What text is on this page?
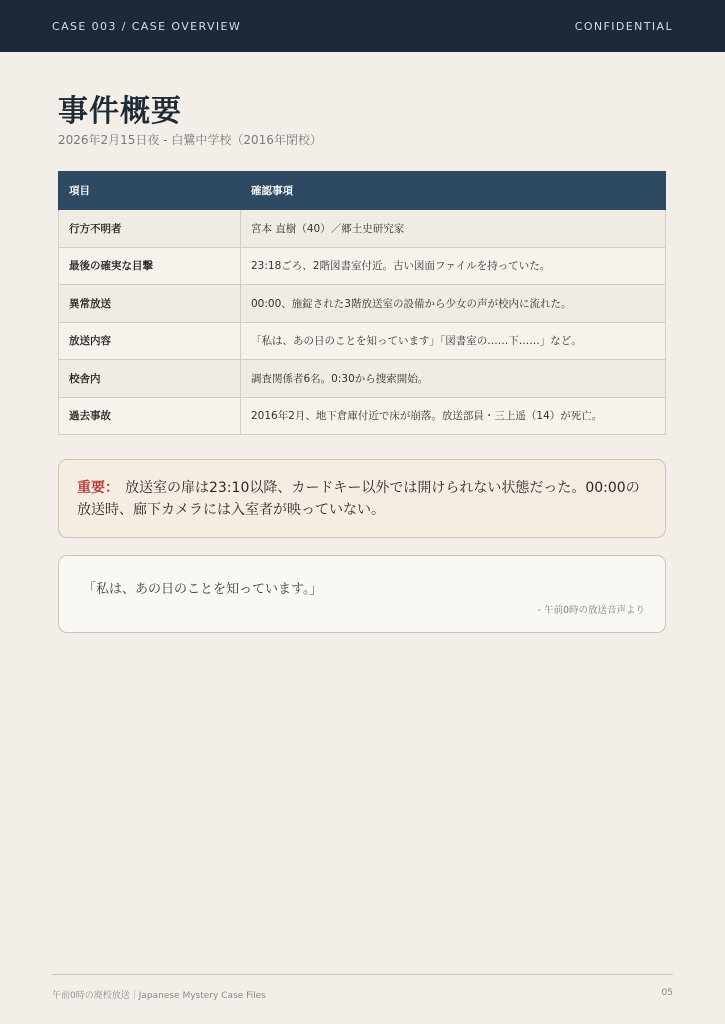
CASE 003 / CASE OVERVIEW	CONFIDENTIAL
事件概要
2026年2月15日夜 - 白鷺中学校（2016年閉校）
項目	確認事項
行方不明者	宮本 直樹（40）／郷土史研究家
最後の確実な目撃	23:18ごろ、2階図書室付近。古い図面ファイルを持っていた。
異常放送	00:00、施錠された3階放送室の設備から少女の声が校内に流れた。
放送内容	「私は、あの日のことを知っています」「図書室の……下……」など。
校舎内	調査関係者6名。0:30から捜索開始。
過去事故	2016年2月、地下倉庫付近で床が崩落。放送部員・三上遥（14）が死亡。
重要： 放送室の扉は23:10以降、カードキー以外では開けられない状態だった。00:00の放送時、廊下カメラには入室者が映っていない。
「私は、あの日のことを知っています。」
- 午前0時の放送音声より
午前0時の廃校放送｜Japanese Mystery Case Files	05
